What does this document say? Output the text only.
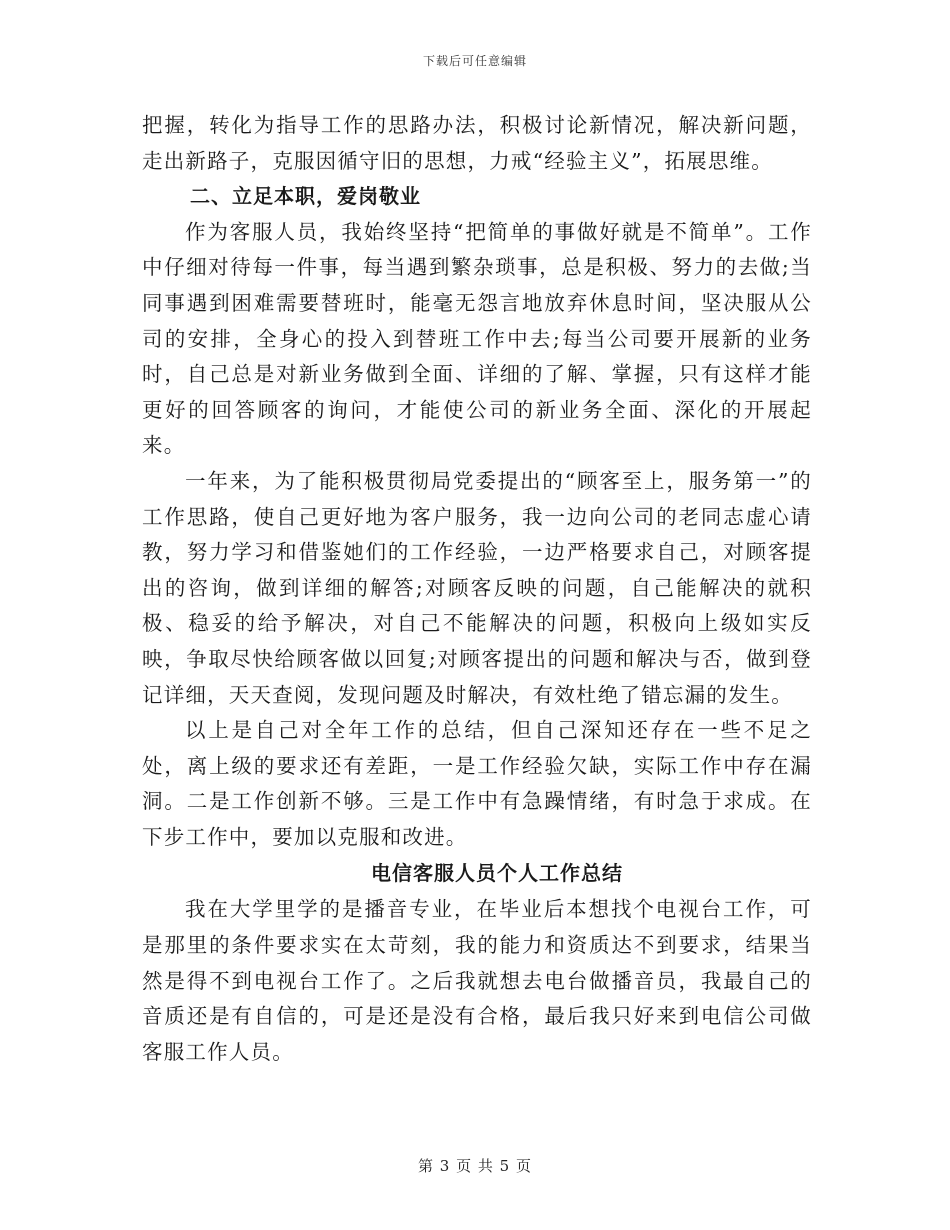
下载后可任意编辑

把握，转化为指导工作的思路办法，积极讨论新情况，解决新问题，走出新路子，克服因循守旧的思想，力戒“经验主义”，拓展思维。

二、立足本职，爱岗敬业

作为客服人员，我始终坚持“把简单的事做好就是不简单”。工作中仔细对待每一件事，每当遇到繁杂琐事，总是积极、努力的去做;当同事遇到困难需要替班时，能毫无怨言地放弃休息时间，坚决服从公司的安排，全身心的投入到替班工作中去;每当公司要开展新的业务时，自己总是对新业务做到全面、详细的了解、掌握，只有这样才能更好的回答顾客的询问，才能使公司的新业务全面、深化的开展起来。

一年来，为了能积极贯彻局党委提出的“顾客至上，服务第一”的工作思路，使自己更好地为客户服务，我一边向公司的老同志虚心请教，努力学习和借鉴她们的工作经验，一边严格要求自己，对顾客提出的咨询，做到详细的解答;对顾客反映的问题，自己能解决的就积极、稳妥的给予解决，对自己不能解决的问题，积极向上级如实反映，争取尽快给顾客做以回复;对顾客提出的问题和解决与否，做到登记详细，天天查阅，发现问题及时解决，有效杜绝了错忘漏的发生。

以上是自己对全年工作的总结，但自己深知还存在一些不足之处，离上级的要求还有差距，一是工作经验欠缺，实际工作中存在漏洞。二是工作创新不够。三是工作中有急躁情绪，有时急于求成。在下步工作中，要加以克服和改进。

电信客服人员个人工作总结

我在大学里学的是播音专业，在毕业后本想找个电视台工作，可是那里的条件要求实在太苛刻，我的能力和资质达不到要求，结果当然是得不到电视台工作了。之后我就想去电台做播音员，我最自己的音质还是有自信的，可是还是没有合格，最后我只好来到电信公司做客服工作人员。

第 3 页 共 5 页
